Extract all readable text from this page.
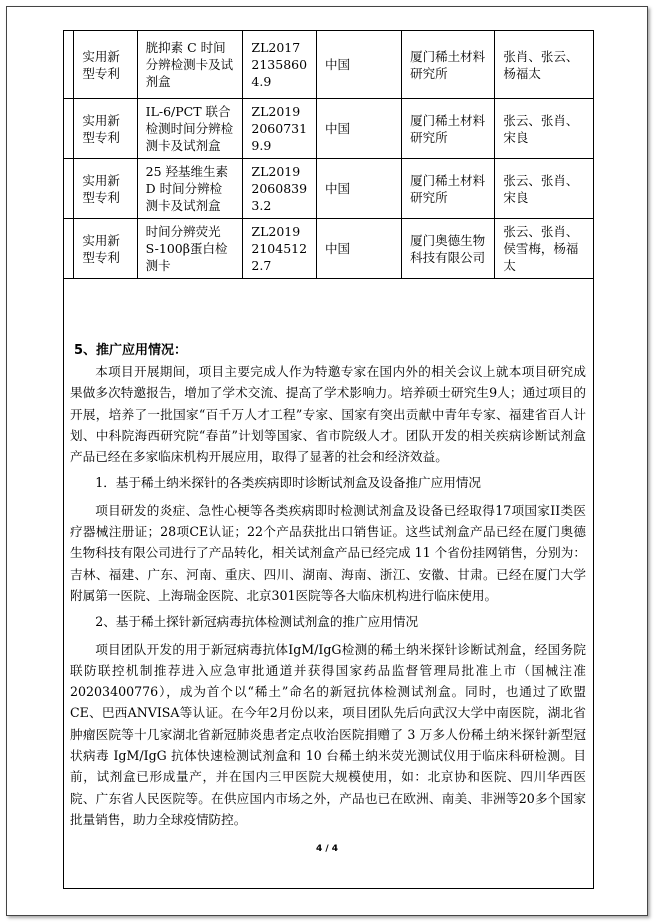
	实用新型专利	胱抑素 C 时间分辨检测卡及试剂盒	ZL201721358604.9	中国	厦门稀土材料研究所	张肖、张云、杨福太
	实用新型专利	IL-6/PCT 联合检测时间分辨检测卡及试剂盒	ZL201920607319.9	中国	厦门稀土材料研究所	张云、张肖、宋良
	实用新型专利	25 羟基维生素 D 时间分辨检测卡及试剂盒	ZL201920608393.2	中国	厦门稀土材料研究所	张云、张肖、宋良
	实用新型专利	时间分辨荧光 S-100β蛋白检测卡	ZL201921045122.7	中国	厦门奥德生物科技有限公司	张云、张肖、侯雪梅，杨福太

5、推广应用情况：

本项目开展期间，项目主要完成人作为特邀专家在国内外的相关会议上就本项目研究成果做多次特邀报告，增加了学术交流、提高了学术影响力。培养硕士研究生9人；通过项目的开展，培养了一批国家“百千万人才工程”专家、国家有突出贡献中青年专家、福建省百人计划、中科院海西研究院“春苗”计划等国家、省市院级人才。团队开发的相关疾病诊断试剂盒产品已经在多家临床机构开展应用，取得了显著的社会和经济效益。

1．基于稀土纳米探针的各类疾病即时诊断试剂盒及设备推广应用情况

项目研发的炎症、急性心梗等各类疾病即时检测试剂盒及设备已经取得17项国家II类医疗器械注册证；28项CE认证；22个产品获批出口销售证。这些试剂盒产品已经在厦门奥德生物科技有限公司进行了产品转化，相关试剂盒产品已经完成 11 个省份挂网销售，分别为：吉林、福建、广东、河南、重庆、四川、湖南、海南、浙江、安徽、甘肃。已经在厦门大学附属第一医院、上海瑞金医院、北京301医院等各大临床机构进行临床使用。

2、基于稀土探针新冠病毒抗体检测试剂盒的推广应用情况

项目团队开发的用于新冠病毒抗体IgM/IgG检测的稀土纳米探针诊断试剂盒，经国务院联防联控机制推荐进入应急审批通道并获得国家药品监督管理局批准上市（国械注准20203400776），成为首个以“稀土”命名的新冠抗体检测试剂盒。同时，也通过了欧盟CE、巴西ANVISA等认证。在今年2月份以来，项目团队先后向武汉大学中南医院，湖北省肿瘤医院等十几家湖北省新冠肺炎患者定点收治医院捐赠了 3 万多人份稀土纳米探针新型冠状病毒 IgM/IgG 抗体快速检测试剂盒和 10 台稀土纳米荧光测试仪用于临床科研检测。目前，试剂盒已形成量产，并在国内三甲医院大规模使用，如：北京协和医院、四川华西医院、广东省人民医院等。在供应国内市场之外，产品也已在欧洲、南美、非洲等20多个国家批量销售，助力全球疫情防控。

4 / 4
